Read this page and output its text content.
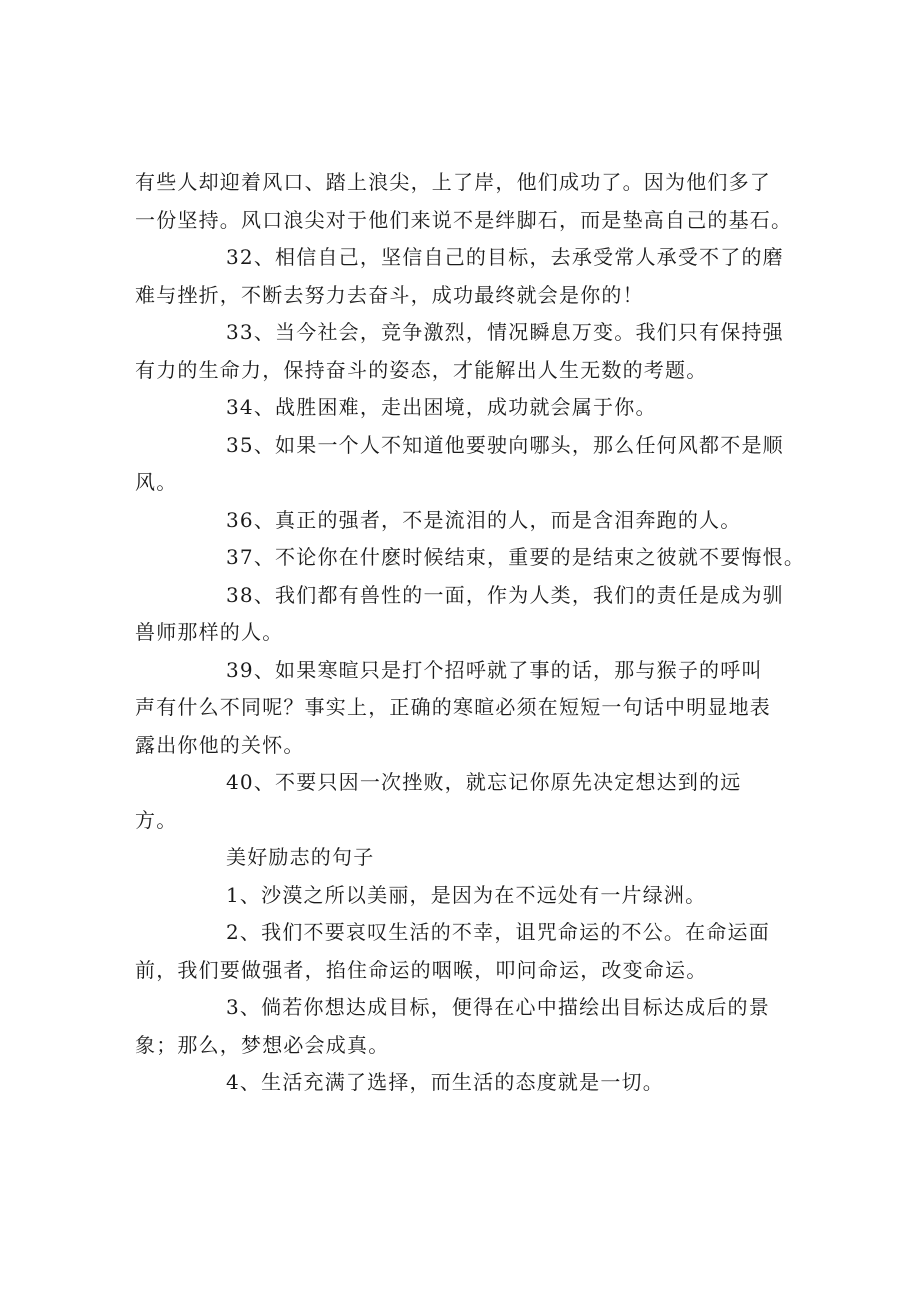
有些人却迎着风口、踏上浪尖，上了岸，他们成功了。因为他们多了
一份坚持。风口浪尖对于他们来说不是绊脚石，而是垫高自己的基石。
32、相信自己，坚信自己的目标，去承受常人承受不了的磨
难与挫折，不断去努力去奋斗，成功最终就会是你的！
33、当今社会，竞争激烈，情况瞬息万变。我们只有保持强
有力的生命力，保持奋斗的姿态，才能解出人生无数的考题。
34、战胜困难，走出困境，成功就会属于你。
35、如果一个人不知道他要驶向哪头，那么任何风都不是顺
风。
36、真正的强者，不是流泪的人，而是含泪奔跑的人。
37、不论你在什麽时候结束，重要的是结束之彼就不要悔恨。
38、我们都有兽性的一面，作为人类，我们的责任是成为驯
兽师那样的人。
39、如果寒暄只是打个招呼就了事的话，那与猴子的呼叫
声有什么不同呢？事实上，正确的寒暄必须在短短一句话中明显地表
露出你他的关怀。
40、不要只因一次挫败，就忘记你原先决定想达到的远
方。
美好励志的句子
1、沙漠之所以美丽，是因为在不远处有一片绿洲。
2、我们不要哀叹生活的不幸，诅咒命运的不公。在命运面
前，我们要做强者，掐住命运的咽喉，叩问命运，改变命运。
3、倘若你想达成目标，便得在心中描绘出目标达成后的景
象；那么，梦想必会成真。
4、生活充满了选择，而生活的态度就是一切。
